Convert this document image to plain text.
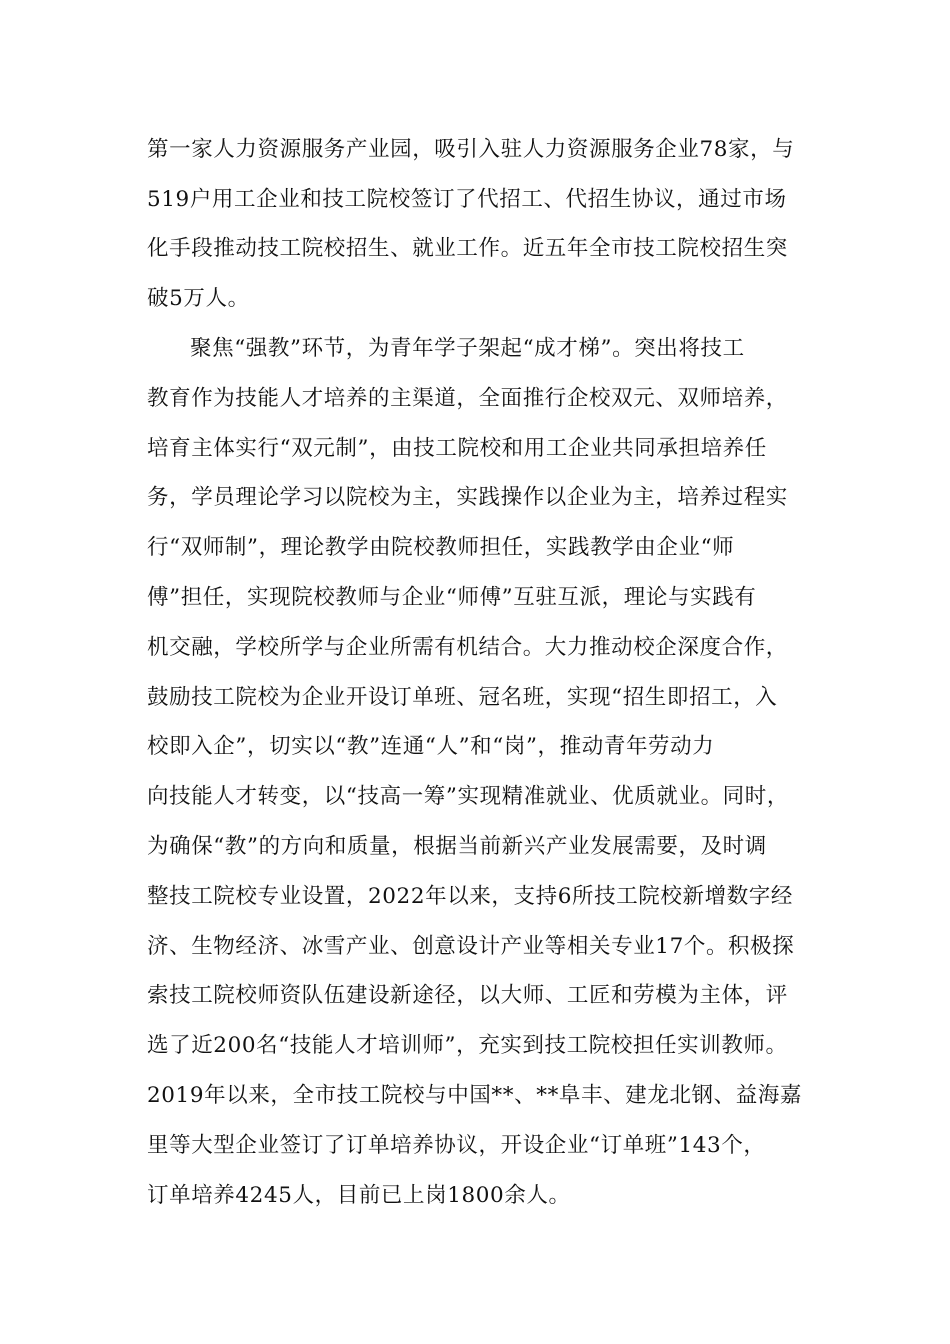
第一家人力资源服务产业园，吸引入驻人力资源服务企业78家，与
519户用工企业和技工院校签订了代招工、代招生协议，通过市场
化手段推动技工院校招生、就业工作。近五年全市技工院校招生突
破5万人。
聚焦“强教”环节，为青年学子架起“成才梯”。突出将技工
教育作为技能人才培养的主渠道，全面推行企校双元、双师培养，
培育主体实行“双元制”，由技工院校和用工企业共同承担培养任
务，学员理论学习以院校为主，实践操作以企业为主，培养过程实
行“双师制”，理论教学由院校教师担任，实践教学由企业“师
傅”担任，实现院校教师与企业“师傅”互驻互派，理论与实践有
机交融，学校所学与企业所需有机结合。大力推动校企深度合作，
鼓励技工院校为企业开设订单班、冠名班，实现“招生即招工，入
校即入企”，切实以“教”连通“人”和“岗”，推动青年劳动力
向技能人才转变，以“技高一筹”实现精准就业、优质就业。同时，
为确保“教”的方向和质量，根据当前新兴产业发展需要，及时调
整技工院校专业设置，2022年以来，支持6所技工院校新增数字经
济、生物经济、冰雪产业、创意设计产业等相关专业17个。积极探
索技工院校师资队伍建设新途径，以大师、工匠和劳模为主体，评
选了近200名“技能人才培训师”，充实到技工院校担任实训教师。
2019年以来，全市技工院校与中国**、**阜丰、建龙北钢、益海嘉
里等大型企业签订了订单培养协议，开设企业“订单班”143个，
订单培养4245人，目前已上岗1800余人。
